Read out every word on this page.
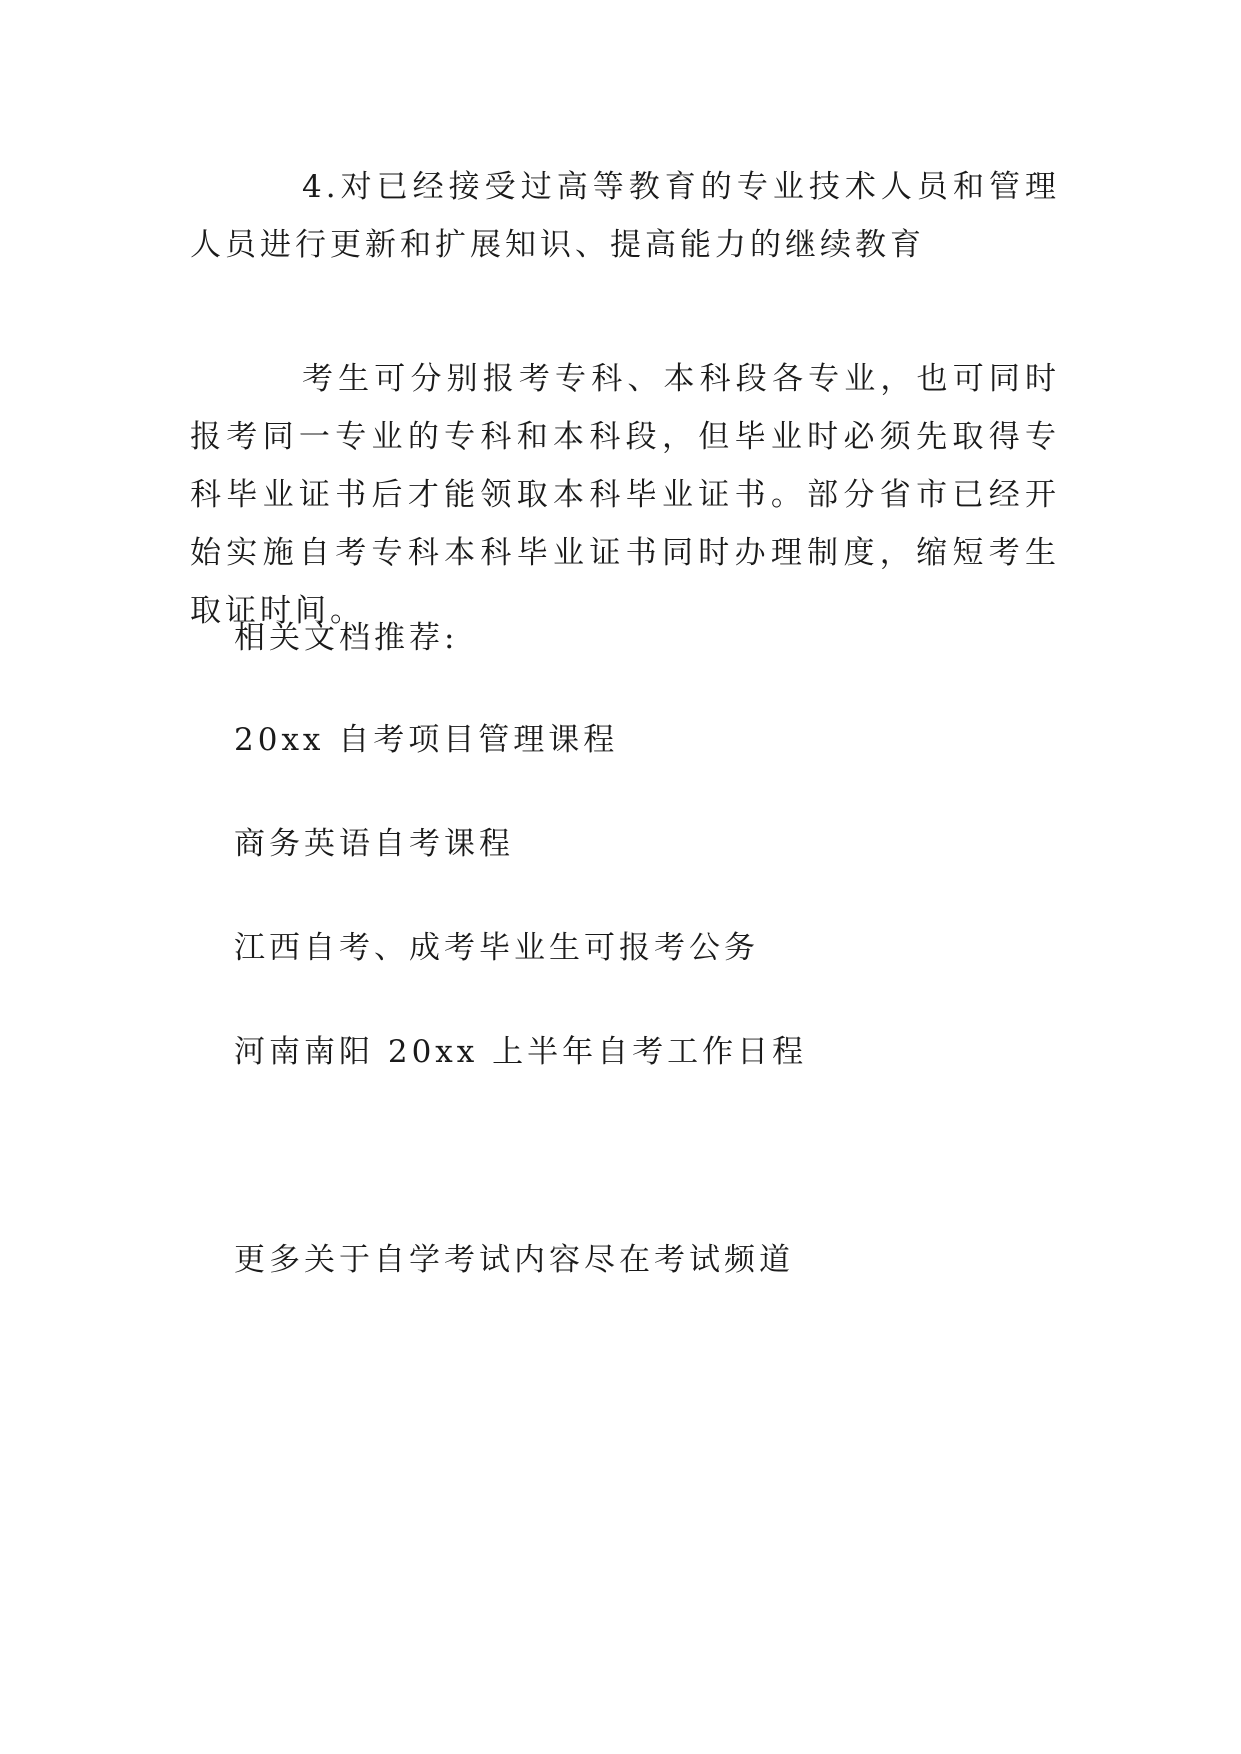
4.对已经接受过高等教育的专业技术人员和管理人员进行更新和扩展知识、提高能力的继续教育
考生可分别报考专科、本科段各专业，也可同时报考同一专业的专科和本科段，但毕业时必须先取得专科毕业证书后才能领取本科毕业证书。部分省市已经开始实施自考专科本科毕业证书同时办理制度，缩短考生取证时间。
相关文档推荐:
20xx 自考项目管理课程
商务英语自考课程
江西自考、成考毕业生可报考公务
河南南阳 20xx 上半年自考工作日程
更多关于自学考试内容尽在考试频道
